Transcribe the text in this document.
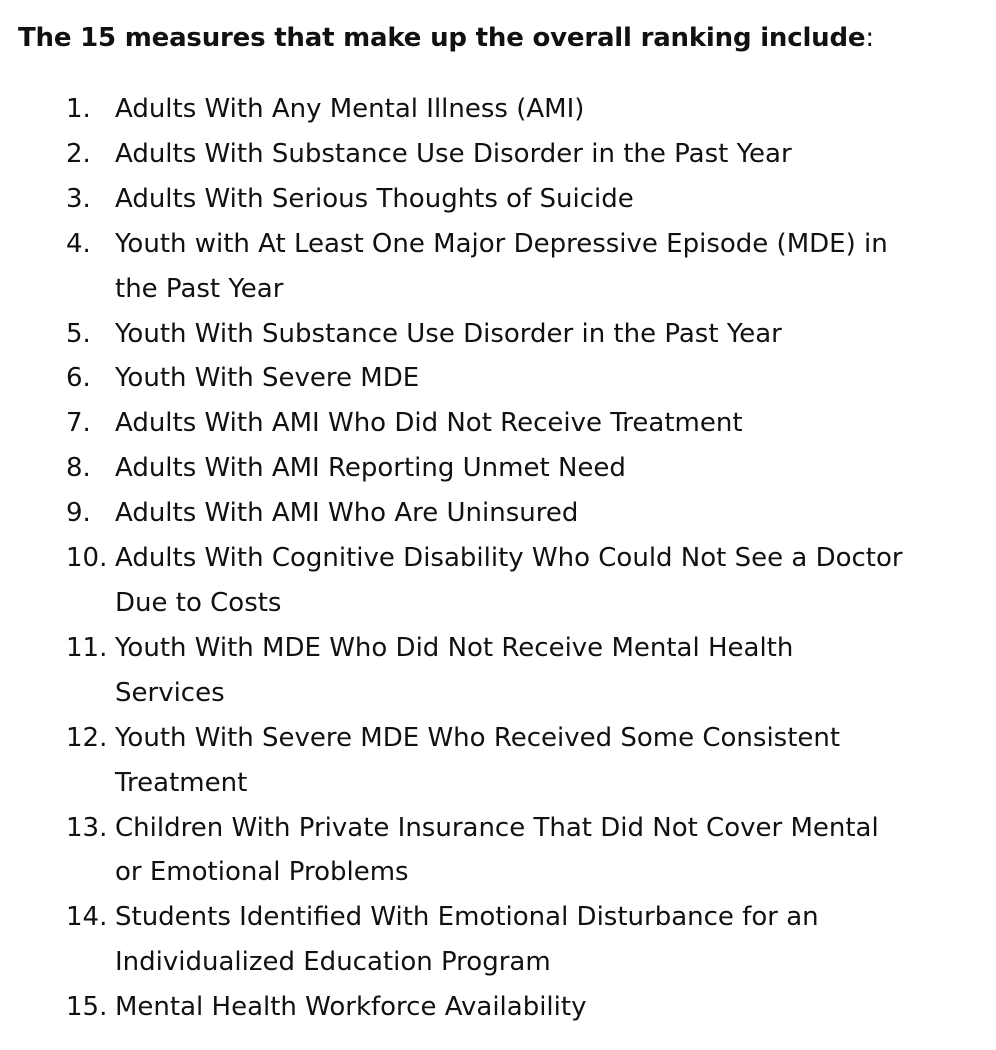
The 15 measures that make up the overall ranking include:

1. Adults With Any Mental Illness (AMI)
2. Adults With Substance Use Disorder in the Past Year
3. Adults With Serious Thoughts of Suicide
4. Youth with At Least One Major Depressive Episode (MDE) in the Past Year
5. Youth With Substance Use Disorder in the Past Year
6. Youth With Severe MDE
7. Adults With AMI Who Did Not Receive Treatment
8. Adults With AMI Reporting Unmet Need
9. Adults With AMI Who Are Uninsured
10. Adults With Cognitive Disability Who Could Not See a Doctor Due to Costs
11. Youth With MDE Who Did Not Receive Mental Health Services
12. Youth With Severe MDE Who Received Some Consistent Treatment
13. Children With Private Insurance That Did Not Cover Mental or Emotional Problems
14. Students Identified With Emotional Disturbance for an Individualized Education Program
15. Mental Health Workforce Availability
